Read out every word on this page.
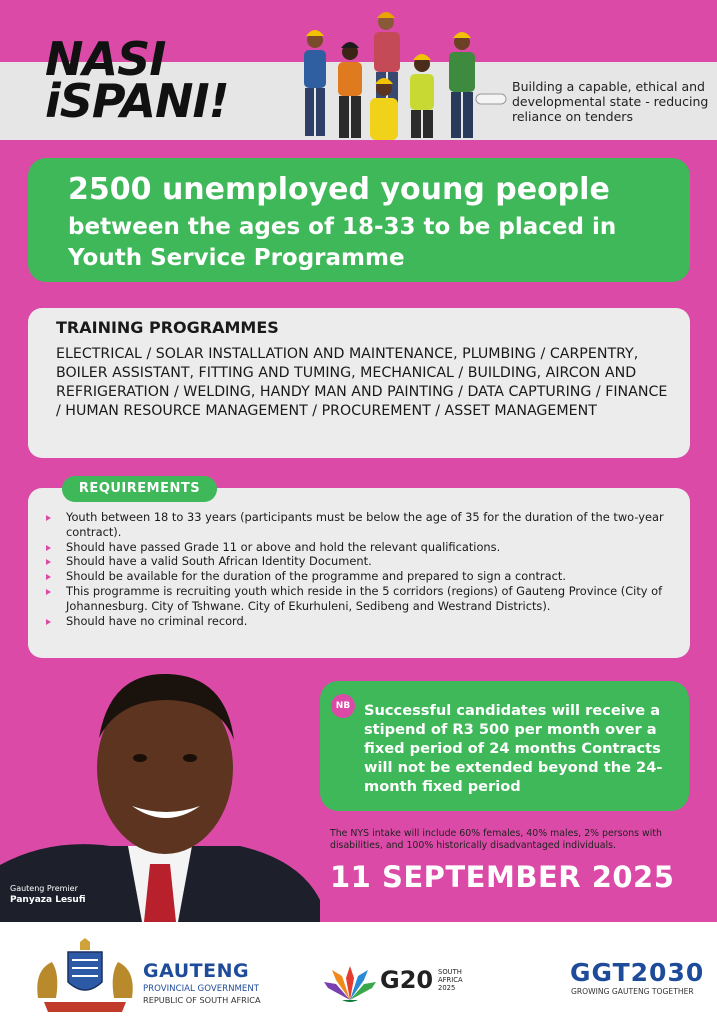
NASI
iSPANI!	Building a capable, ethical and developmental state - reducing reliance on tenders

2500 unemployed young people

between the ages of 18-33 to be placed in Youth Service Programme

TRAINING PROGRAMMES

ELECTRICAL / SOLAR INSTALLATION AND MAINTENANCE, PLUMBING / CARPENTRY, BOILER ASSISTANT, FITTING AND TUMING, MECHANICAL / BUILDING, AIRCON AND REFRIGERATION / WELDING, HANDY MAN AND PAINTING / DATA CAPTURING / FINANCE / HUMAN RESOURCE MANAGEMENT / PROCUREMENT / ASSET MANAGEMENT

Youth between 18 to 33 years (participants must be below the age of 35 for the duration of the two-year contract).
Should have passed Grade 11 or above and hold the relevant qualifications.
Should have a valid South African Identity Document.
Should be available for the duration of the programme and prepared to sign a contract.
This programme is recruiting youth which reside in the 5 corridors (regions) of Gauteng Province (City of Johannesburg. City of Tshwane. City of Ekurhuleni, Sedibeng and Westrand Districts).
Should have no criminal record.
REQUIREMENTS
Gauteng Premier
Panyaza Lesufi
NB Successful candidates will receive a stipend of R3 500 per month over a fixed period of 24 months Contracts will not be extended beyond the 24-month fixed period

The NYS intake will include 60% females, 40% males, 2% persons with disabilities, and 100% historically disadvantaged individuals.

11 SEPTEMBER 2025

GAUTENG

PROVINCIAL GOVERNMENT

REPUBLIC OF SOUTH AFRICA

G20 SOUTH
AFRICA
2025

GGT2030

GROWING GAUTENG TOGETHER
